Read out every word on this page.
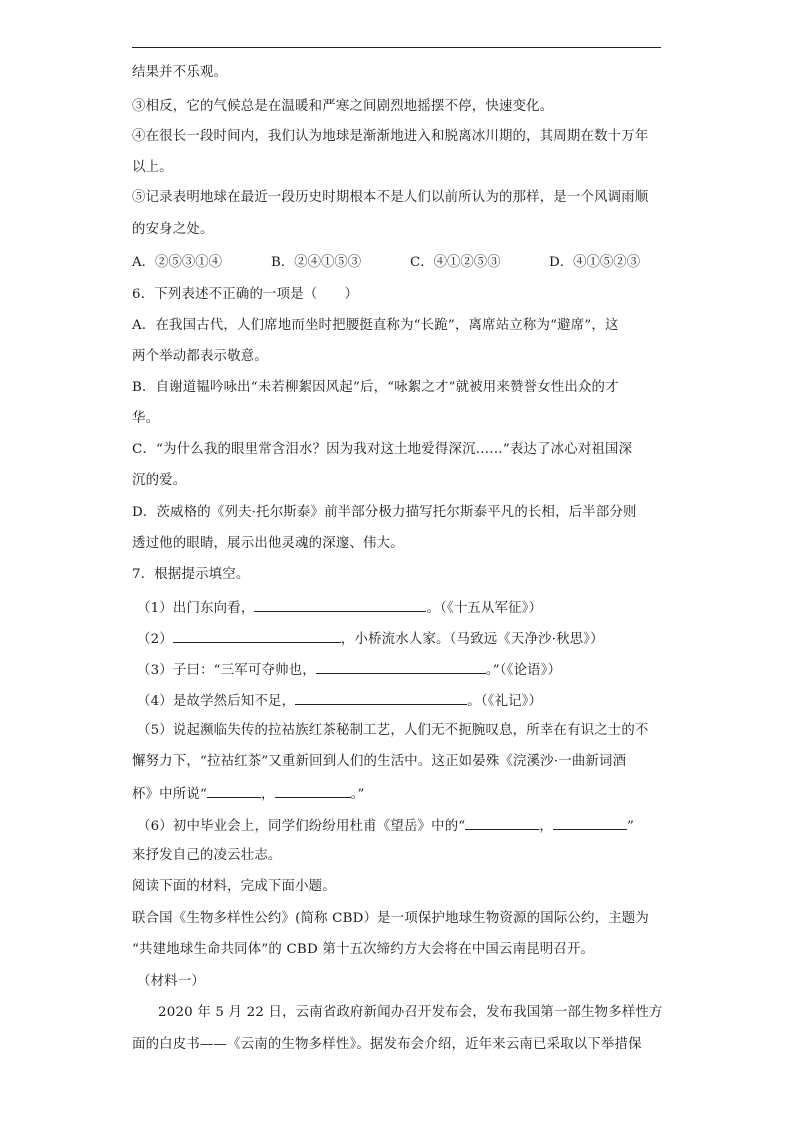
结果并不乐观。
③相反，它的气候总是在温暖和严寒之间剧烈地摇摆不停，快速变化。
④在很长一段时间内，我们认为地球是渐渐地进入和脱离冰川期的，其周期在数十万年
以上。
⑤记录表明地球在最近一段历史时期根本不是人们以前所认为的那样，是一个风调雨顺
的安身之处。
A．②⑤③①④	B．②④①⑤③	C．④①②⑤③	D．④①⑤②③
6．下列表述不正确的一项是（　　）
A．在我国古代，人们席地而坐时把腰挺直称为“长跪”，离席站立称为“避席”，这
两个举动都表示敬意。
B．自谢道韫吟咏出“未若柳絮因风起”后，“咏絮之才”就被用来赞誉女性出众的才
华。
C．“为什么我的眼里常含泪水？因为我对这土地爱得深沉……”表达了冰心对祖国深
沉的爱。
D．茨威格的《列夫·托尔斯泰》前半部分极力描写托尔斯泰平凡的长相，后半部分则
透过他的眼睛，展示出他灵魂的深邃、伟大。
7．根据提示填空。
（1）出门东向看，	。（《十五从军征》）
（2）	，小桥流水人家。（马致远《天净沙·秋思》）
（3）子曰：“三军可夺帅也，	。”（《论语》）
（4）是故学然后知不足，	。（《礼记》）
（5）说起濒临失传的拉祜族红茶秘制工艺，人们无不扼腕叹息，所幸在有识之士的不
懈努力下，“拉祜红茶”又重新回到人们的生活中。这正如晏殊《浣溪沙·一曲新词酒
杯》中所说“	，	。”
（6）初中毕业会上，同学们纷纷用杜甫《望岳》中的“	，	”
来抒发自己的凌云壮志。
阅读下面的材料，完成下面小题。
联合国《生物多样性公约》(简称 CBD）是一项保护地球生物资源的国际公约，主题为
“共建地球生命共同体”的 CBD 第十五次缔约方大会将在中国云南昆明召开。
（材料一）
2020 年 5 月 22 日，云南省政府新闻办召开发布会，发布我国第一部生物多样性方
面的白皮书——《云南的生物多样性》。据发布会介绍，近年来云南已采取以下举措保
